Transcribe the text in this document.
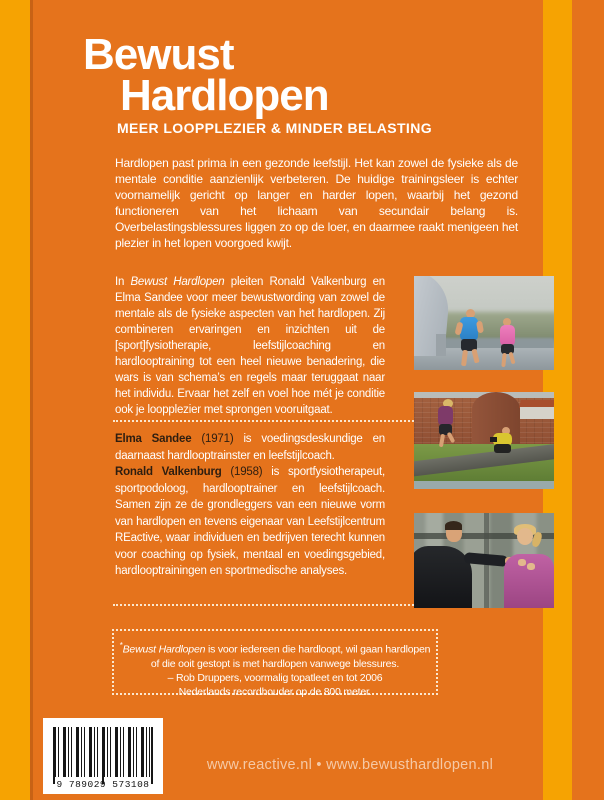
Bewust
Hardlopen
MEER LOOPPLEZIER & MINDER BELASTING

Hardlopen past prima in een gezonde leefstijl. Het kan zowel de fysieke als de mentale conditie aanzienlijk verbeteren. De huidige trainingsleer is echter voornamelijk gericht op langer en harder lopen, waarbij het gezond functioneren van het lichaam van secundair belang is. Overbelastingsblessures liggen zo op de loer, en daarmee raakt menigeen het plezier in het lopen voorgoed kwijt.

In Bewust Hardlopen pleiten Ronald Valkenburg en Elma Sandee voor meer bewustwording van zowel de mentale als de fysieke aspecten van het hardlopen. Zij combineren ervaringen en inzichten uit de [sport]fysiotherapie, leefstijlcoaching en hardlooptraining tot een heel nieuwe benadering, die wars is van schema’s en regels maar teruggaat naar het individu. Ervaar het zelf en voel hoe mét je conditie ook je loopplezier met sprongen vooruitgaat.

Elma Sandee (1971) is voedingsdeskundige en daarnaast hardlooptrainster en leefstijlcoach.
Ronald Valkenburg (1958) is sportfysiotherapeut, sportpodoloog, hardlooptrainer en leefstijlcoach. Samen zijn ze de grondleggers van een nieuwe vorm van hardlopen en tevens eigenaar van Leefstijlcentrum REactive, waar individuen en bedrijven terecht kunnen voor coaching op fysiek, mentaal en voedingsgebied, hardlooptrainingen en sportmedische analyses.

*Bewust Hardlopen is voor iedereen die hardloopt, wil gaan hardlopen
of die ooit gestopt is met hardlopen vanwege blessures.
– Rob Druppers, voormalig topatleet en tot 2006
Nederlands recordhouder op de 800 meter.
9 789029 573108
www.reactive.nl • www.bewusthardlopen.nl
